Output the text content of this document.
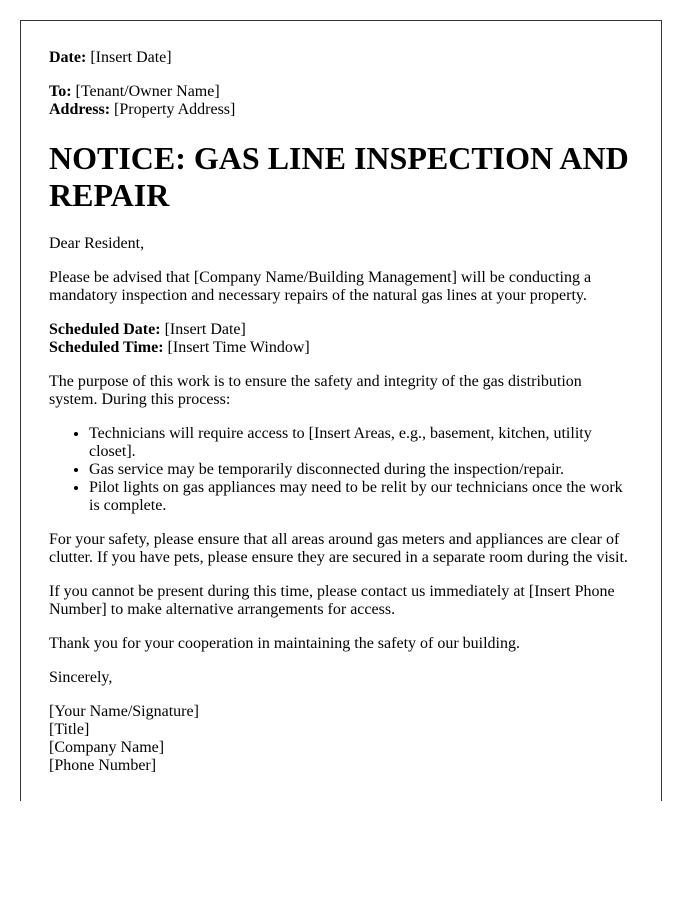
Date: [Insert Date]

To: [Tenant/Owner Name]
Address: [Property Address]

NOTICE: GAS LINE INSPECTION AND REPAIR

Dear Resident,

Please be advised that [Company Name/Building Management] will be conducting a mandatory inspection and necessary repairs of the natural gas lines at your property.

Scheduled Date: [Insert Date]
Scheduled Time: [Insert Time Window]

The purpose of this work is to ensure the safety and integrity of the gas distribution system. During this process:

• Technicians will require access to [Insert Areas, e.g., basement, kitchen, utility closet].
• Gas service may be temporarily disconnected during the inspection/repair.
• Pilot lights on gas appliances may need to be relit by our technicians once the work is complete.

For your safety, please ensure that all areas around gas meters and appliances are clear of clutter. If you have pets, please ensure they are secured in a separate room during the visit.

If you cannot be present during this time, please contact us immediately at [Insert Phone Number] to make alternative arrangements for access.

Thank you for your cooperation in maintaining the safety of our building.

Sincerely,

[Your Name/Signature]
[Title]
[Company Name]
[Phone Number]
